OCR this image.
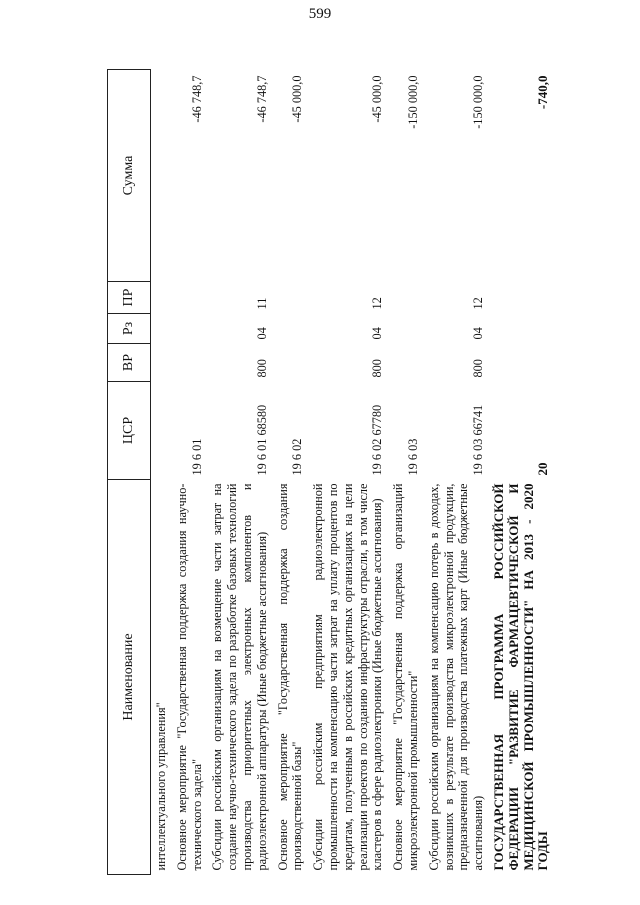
599
Наименование	ЦСР	ВР	Рз	ПР	Сумма
интеллектуального управления"					
Основное мероприятие "Государственная поддержка создания научно-технического задела"	19 6 01				-46 748,7
Субсидии российским организациям на возмещение части затрат на создание научно-технического задела по разработке базовых технологий производства приоритетных электронных компонентов и радиоэлектронной аппаратуры (Иные бюджетные ассигнования)	19 6 01 68580	800	04	11	-46 748,7
Основное мероприятие "Государственная поддержка создания производственной базы"	19 6 02				-45 000,0
Субсидии российским предприятиям радиоэлектронной промышленности на компенсацию части затрат на уплату процентов по кредитам, полученным в российских кредитных организациях на цели реализации проектов по созданию инфраструктуры отрасли, в том числе кластеров в сфере радиоэлектроники (Иные бюджетные ассигнования)	19 6 02 67780	800	04	12	-45 000,0
Основное мероприятие "Государственная поддержка организаций микроэлектронной промышленности"	19 6 03				-150 000,0
Субсидии российским организациям на компенсацию потерь в доходах, возникших в результате производства микроэлектронной продукции, предназначенной для производства платежных карт (Иные бюджетные ассигнования)	19 6 03 66741	800	04	12	-150 000,0
ГОСУДАРСТВЕННАЯ ПРОГРАММА РОССИЙСКОЙ ФЕДЕРАЦИИ "РАЗВИТИЕ ФАРМАЦЕВТИЧЕСКОЙ И МЕДИЦИНСКОЙ ПРОМЫШЛЕННОСТИ" НА 2013 - 2020 ГОДЫ	20				-740,0
